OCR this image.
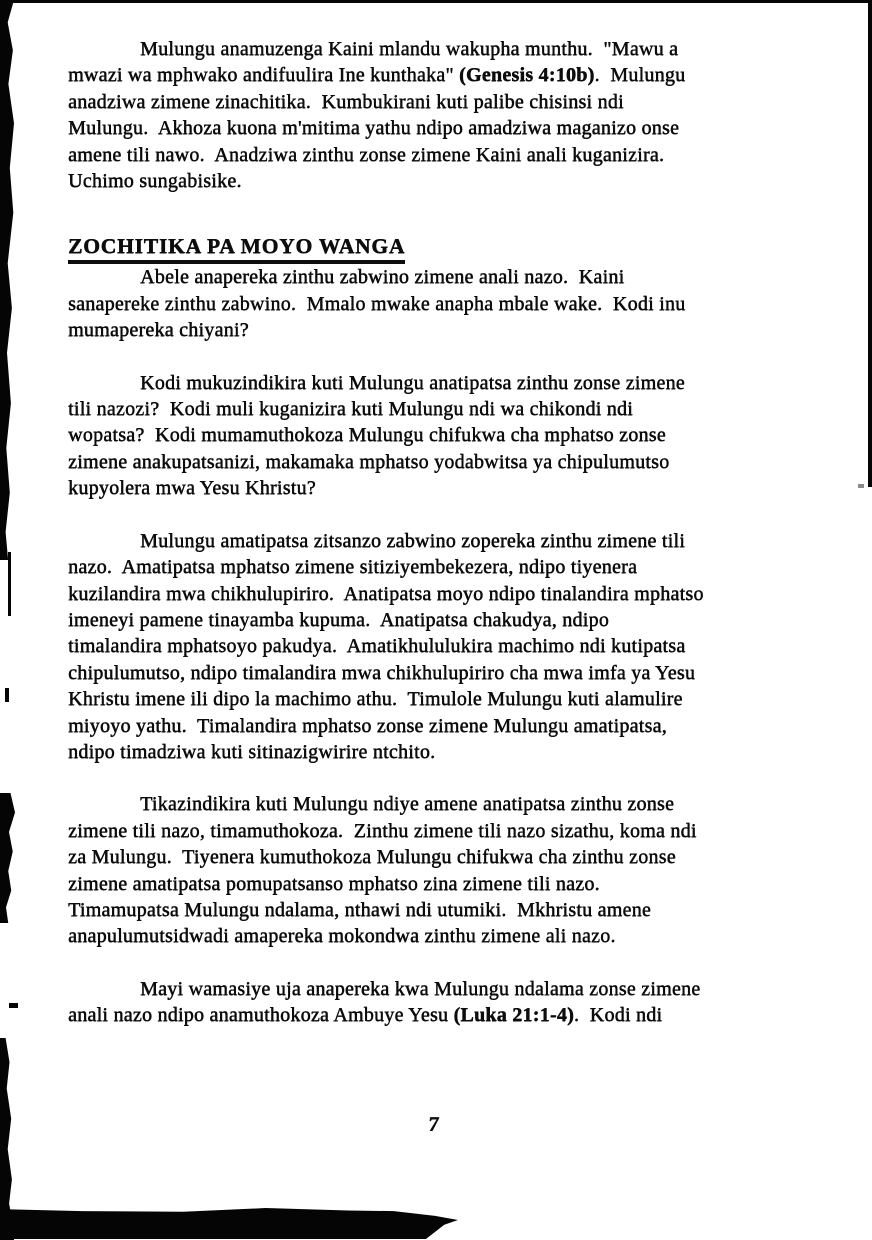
Mulungu anamuzenga Kaini mlandu wakupha munthu.  "Mawu a
mwazi wa mphwako andifuulira Ine kunthaka" (Genesis 4:10b).  Mulungu
anadziwa zimene zinachitika.  Kumbukirani kuti palibe chisinsi ndi
Mulungu.  Akhoza kuona m'mitima yathu ndipo amadziwa maganizo onse
amene tili nawo.  Anadziwa zinthu zonse zimene Kaini anali kuganizira.
Uchimo sungabisike.
ZOCHITIKA PA MOYO WANGA
Abele anapereka zinthu zabwino zimene anali nazo.  Kaini
sanapereke zinthu zabwino.  Mmalo mwake anapha mbale wake.  Kodi inu
mumapereka chiyani?
Kodi mukuzindikira kuti Mulungu anatipatsa zinthu zonse zimene
tili nazozi?  Kodi muli kuganizira kuti Mulungu ndi wa chikondi ndi
wopatsa?  Kodi mumamuthokoza Mulungu chifukwa cha mphatso zonse
zimene anakupatsanizi, makamaka mphatso yodabwitsa ya chipulumutso
kupyolera mwa Yesu Khristu?
Mulungu amatipatsa zitsanzo zabwino zopereka zinthu zimene tili
nazo.  Amatipatsa mphatso zimene sitiziyembekezera, ndipo tiyenera
kuzilandira mwa chikhulupiriro.  Anatipatsa moyo ndipo tinalandira mphatso
imeneyi pamene tinayamba kupuma.  Anatipatsa chakudya, ndipo
timalandira mphatsoyo pakudya.  Amatikhululukira machimo ndi kutipatsa
chipulumutso, ndipo timalandira mwa chikhulupiriro cha mwa imfa ya Yesu
Khristu imene ili dipo la machimo athu.  Timulole Mulungu kuti alamulire
miyoyo yathu.  Timalandira mphatso zonse zimene Mulungu amatipatsa,
ndipo timadziwa kuti sitinazigwirire ntchito.
Tikazindikira kuti Mulungu ndiye amene anatipatsa zinthu zonse
zimene tili nazo, timamuthokoza.  Zinthu zimene tili nazo sizathu, koma ndi
za Mulungu.  Tiyenera kumuthokoza Mulungu chifukwa cha zinthu zonse
zimene amatipatsa pomupatsanso mphatso zina zimene tili nazo.
Timamupatsa Mulungu ndalama, nthawi ndi utumiki.  Mkhristu amene
anapulumutsidwadi amapereka mokondwa zinthu zimene ali nazo.
Mayi wamasiye uja anapereka kwa Mulungu ndalama zonse zimene
anali nazo ndipo anamuthokoza Ambuye Yesu (Luka 21:1-4).  Kodi ndi
7
